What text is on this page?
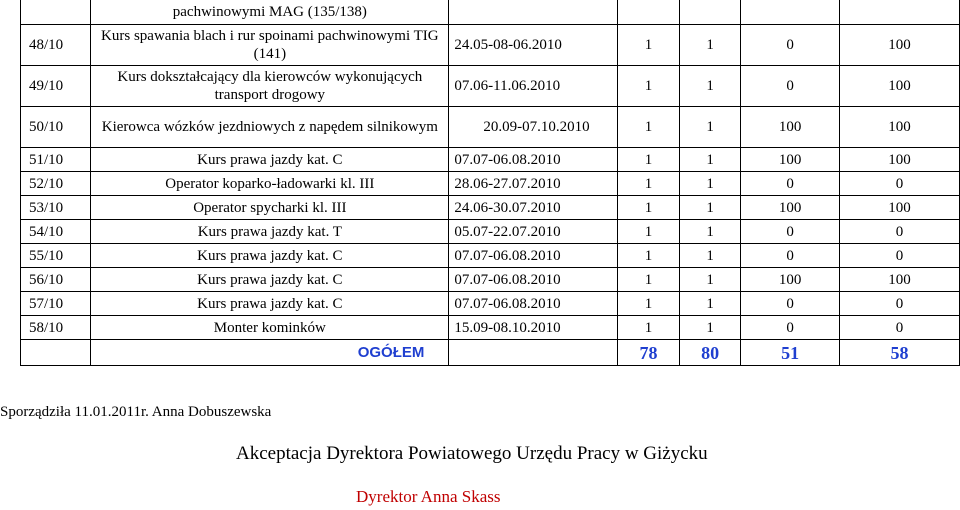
	pachwinowymi MAG (135/138)					
48/10	Kurs spawania blach i rur spoinami pachwinowymi TIG (141)	24.05-08-06.2010	1	1	0	100
49/10	Kurs dokształcający dla kierowców wykonujących transport drogowy	07.06-11.06.2010	1	1	0	100
50/10	Kierowca wózków jezdniowych z napędem silnikowym	20.09-07.10.2010	1	1	100	100
51/10	Kurs prawa jazdy kat. C	07.07-06.08.2010	1	1	100	100
52/10	Operator koparko-ładowarki kl. III	28.06-27.07.2010	1	1	0	0
53/10	Operator spycharki kl. III	24.06-30.07.2010	1	1	100	100
54/10	Kurs prawa jazdy kat. T	05.07-22.07.2010	1	1	0	0
55/10	Kurs prawa jazdy kat. C	07.07-06.08.2010	1	1	0	0
56/10	Kurs prawa jazdy kat. C	07.07-06.08.2010	1	1	100	100
57/10	Kurs prawa jazdy kat. C	07.07-06.08.2010	1	1	0	0
58/10	Monter kominków	15.09-08.10.2010	1	1	0	0
	OGÓŁEM		78	80	51	58
Sporządziła 11.01.2011r. Anna Dobuszewska
Akceptacja Dyrektora Powiatowego Urzędu Pracy w Giżycku
Dyrektor Anna Skass
